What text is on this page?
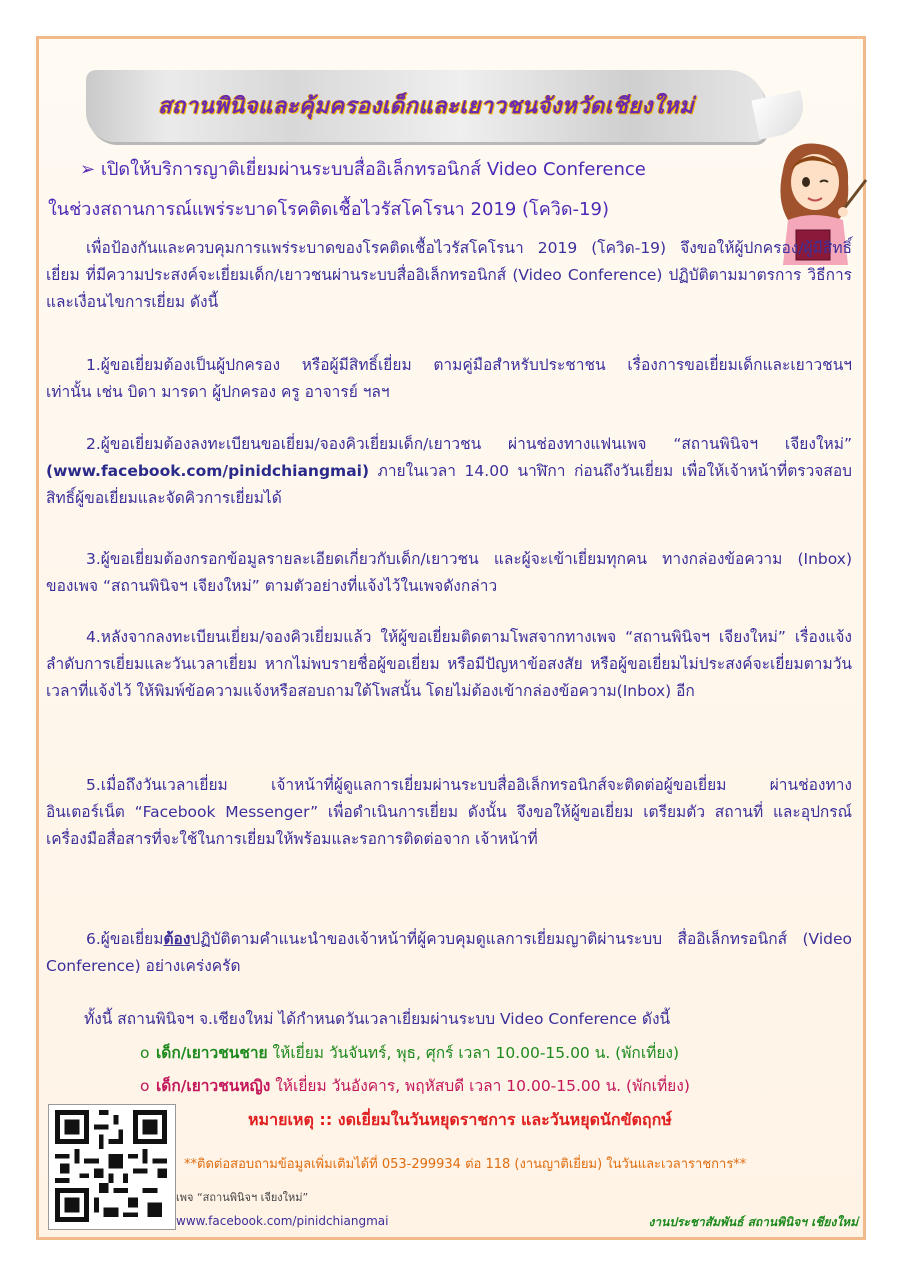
สถานพินิจและคุ้มครองเด็กและเยาวชนจังหวัดเชียงใหม่
➢ เปิดให้บริการญาติเยี่ยมผ่านระบบสื่ออิเล็กทรอนิกส์ Video Conference
ในช่วงสถานการณ์แพร่ระบาดโรคติดเชื้อไวรัสโคโรนา 2019 (โควิด-19)
เพื่อป้องกันและควบคุมการแพร่ระบาดของโรคติดเชื้อไวรัสโคโรนา 2019 (โควิด-19) จึงขอให้ผู้ปกครอง/ผู้มีสิทธิ์เยี่ยม ที่มีความประสงค์จะเยี่ยมเด็ก/เยาวชนผ่านระบบสื่ออิเล็กทรอนิกส์ (Video Conference) ปฏิบัติตามมาตรการ วิธีการ และเงื่อนไขการเยี่ยม ดังนี้
1.ผู้ขอเยี่ยมต้องเป็นผู้ปกครอง หรือผู้มีสิทธิ์เยี่ยม ตามคู่มือสำหรับประชาชน เรื่องการขอเยี่ยมเด็กและเยาวชนฯ เท่านั้น เช่น บิดา มารดา ผู้ปกครอง ครู อาจารย์ ฯลฯ
2.ผู้ขอเยี่ยมต้องลงทะเบียนขอเยี่ยม/จองคิวเยี่ยมเด็ก/เยาวชน ผ่านช่องทางแฟนเพจ “สถานพินิจฯ เจียงใหม่” (www.facebook.com/pinidchiangmai) ภายในเวลา 14.00 นาฬิกา ก่อนถึงวันเยี่ยม เพื่อให้เจ้าหน้าที่ตรวจสอบสิทธิ์ผู้ขอเยี่ยมและจัดคิวการเยี่ยมได้
3.ผู้ขอเยี่ยมต้องกรอกข้อมูลรายละเอียดเกี่ยวกับเด็ก/เยาวชน และผู้จะเข้าเยี่ยมทุกคน ทางกล่องข้อความ (Inbox) ของเพจ “สถานพินิจฯ เจียงใหม่” ตามตัวอย่างที่แจ้งไว้ในเพจดังกล่าว
4.หลังจากลงทะเบียนเยี่ยม/จองคิวเยี่ยมแล้ว ให้ผู้ขอเยี่ยมติดตามโพสจากทางเพจ “สถานพินิจฯ เจียงใหม่” เรื่องแจ้งลำดับการเยี่ยมและวันเวลาเยี่ยม หากไม่พบรายชื่อผู้ขอเยี่ยม หรือมีปัญหาข้อสงสัย หรือผู้ขอเยี่ยมไม่ประสงค์จะเยี่ยมตามวันเวลาที่แจ้งไว้ ให้พิมพ์ข้อความแจ้งหรือสอบถามใต้โพสนั้น โดยไม่ต้องเข้ากล่องข้อความ(Inbox) อีก
5.เมื่อถึงวันเวลาเยี่ยม เจ้าหน้าที่ผู้ดูแลการเยี่ยมผ่านระบบสื่ออิเล็กทรอนิกส์จะติดต่อผู้ขอเยี่ยม ผ่านช่องทางอินเตอร์เน็ต “Facebook Messenger” เพื่อดำเนินการเยี่ยม ดังนั้น จึงขอให้ผู้ขอเยี่ยม เตรียมตัว สถานที่ และอุปกรณ์เครื่องมือสื่อสารที่จะใช้ในการเยี่ยมให้พร้อมและรอการติดต่อจาก เจ้าหน้าที่
6.ผู้ขอเยี่ยมต้องปฏิบัติตามคำแนะนำของเจ้าหน้าที่ผู้ควบคุมดูแลการเยี่ยมญาติผ่านระบบ สื่ออิเล็กทรอนิกส์ (Video Conference) อย่างเคร่งครัด
ทั้งนี้ สถานพินิจฯ จ.เชียงใหม่ ได้กำหนดวันเวลาเยี่ยมผ่านระบบ Video Conference ดังนี้
o เด็ก/เยาวชนชาย ให้เยี่ยม วันจันทร์, พุธ, ศุกร์ เวลา 10.00-15.00 น. (พักเที่ยง)
o เด็ก/เยาวชนหญิง ให้เยี่ยม วันอังคาร, พฤหัสบดี เวลา 10.00-15.00 น. (พักเที่ยง)
หมายเหตุ :: งดเยี่ยมในวันหยุดราชการ และวันหยุดนักขัตฤกษ์
**ติดต่อสอบถามข้อมูลเพิ่มเติมได้ที่ 053-299934 ต่อ 118 (งานญาติเยี่ยม) ในวันและเวลาราชการ**
เพจ “สถานพินิจฯ เจียงใหม่”
www.facebook.com/pinidchiangmai	งานประชาสัมพันธ์ สถานพินิจฯ เชียงใหม่
